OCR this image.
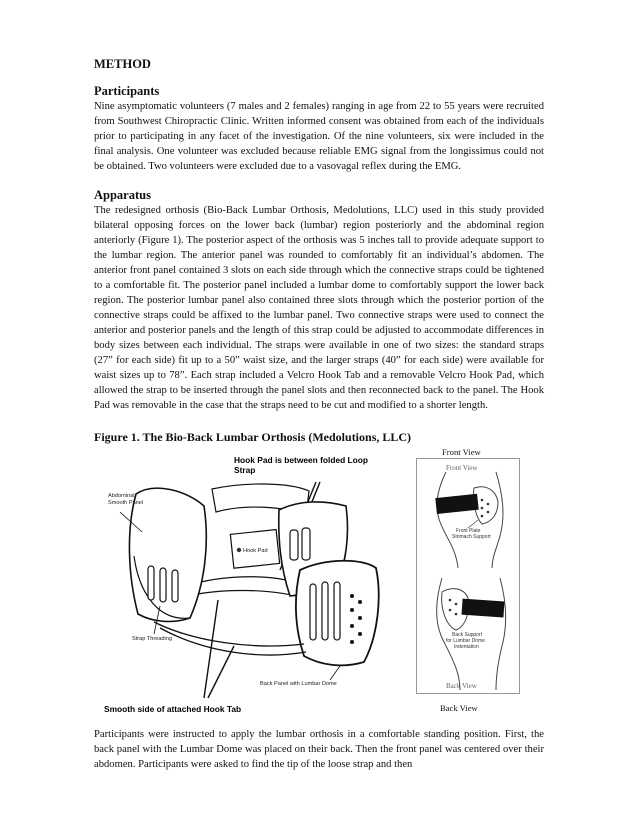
METHOD

Participants

Nine asymptomatic volunteers (7 males and 2 females) ranging in age from 22 to 55 years were recruited from Southwest Chiropractic Clinic. Written informed consent was obtained from each of the individuals prior to participating in any facet of the investigation. Of the nine volunteers, six were included in the final analysis. One volunteer was excluded because reliable EMG signal from the longissimus could not be obtained. Two volunteers were excluded due to a vasovagal reflex during the EMG.

Apparatus

The redesigned orthosis (Bio-Back Lumbar Orthosis, Medolutions, LLC) used in this study provided bilateral opposing forces on the lower back (lumbar) region posteriorly and the abdominal region anteriorly (Figure 1). The posterior aspect of the orthosis was 5 inches tall to provide adequate support to the lumbar region. The anterior panel was rounded to comfortably fit an individual’s abdomen. The anterior front panel contained 3 slots on each side through which the connective straps could be tightened to a comfortable fit. The posterior panel included a lumbar dome to comfortably support the lower back region. The posterior lumbar panel also contained three slots through which the posterior portion of the connective straps could be affixed to the lumbar panel. Two connective straps were used to connect the anterior and posterior panels and the length of this strap could be adjusted to accommodate differences in body sizes between each individual. The straps were available in one of two sizes: the standard straps (27” for each side) fit up to a 50” waist size, and the larger straps (40” for each side) were available for waist sizes up to 78”. Each strap included a Velcro Hook Tab and a removable Velcro Hook Pad, which allowed the strap to be inserted through the panel slots and then reconnected back to the panel. The Hook Pad was removable in the case that the straps need to be cut and modified to a shorter length.

Figure 1. The Bio-Back Lumbar Orthosis (Medolutions, LLC)

Hook Pad is between folded Loop Strap
Hook Pad
Abdominal Smooth Panel
Strap Threading
Back Panel with Lumbar Dome
Smooth side of attached Hook Tab
Front View
Front View
Front Plate Stomach Support
Back Support for Lumbar Dome Indentation
Back View
Back View

Participants were instructed to apply the lumbar orthosis in a comfortable standing position. First, the back panel with the Lumbar Dome was placed on their back. Then the front panel was centered over their abdomen. Participants were asked to find the tip of the loose strap and then
